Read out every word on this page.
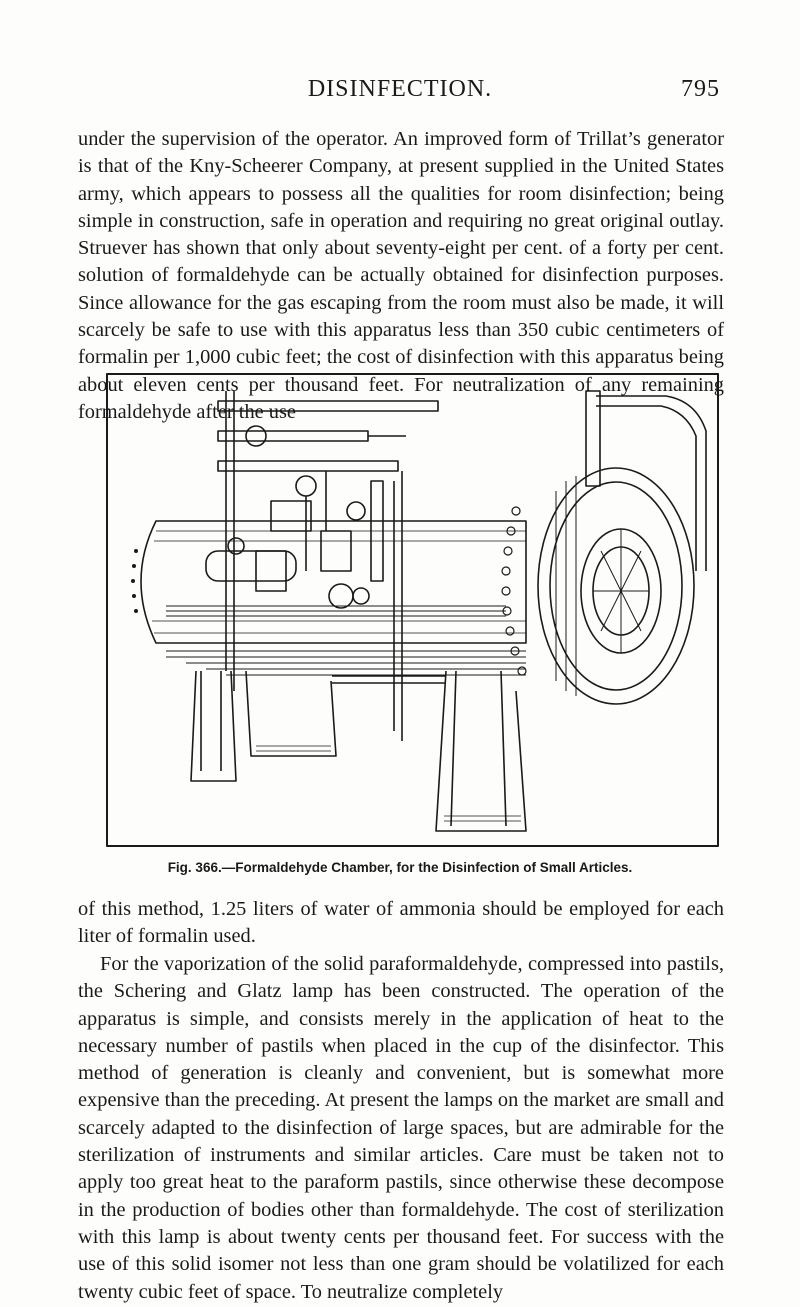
DISINFECTION.	795

under the supervision of the operator. An improved form of Trillat’s generator is that of the Kny-Scheerer Company, at present supplied in the United States army, which appears to possess all the qualities for room disinfection; being simple in construction, safe in operation and requiring no great original outlay. Struever has shown that only about seventy-eight per cent. of a forty per cent. solution of formaldehyde can be actually obtained for disinfection purposes. Since allowance for the gas escaping from the room must also be made, it will scarcely be safe to use with this apparatus less than 350 cubic centimeters of formalin per 1,000 cubic feet; the cost of disinfection with this apparatus being about eleven cents per thousand feet. For neutralization of any remaining formaldehyde after the use

Fig. 366.—Formaldehyde Chamber, for the Disinfection of Small Articles.

of this method, 1.25 liters of water of ammonia should be employed for each liter of formalin used.

For the vaporization of the solid paraformaldehyde, compressed into pastils, the Schering and Glatz lamp has been constructed. The operation of the apparatus is simple, and consists merely in the application of heat to the necessary number of pastils when placed in the cup of the disinfector. This method of generation is cleanly and convenient, but is somewhat more expensive than the preceding. At present the lamps on the market are small and scarcely adapted to the disinfection of large spaces, but are admirable for the sterilization of instruments and similar articles. Care must be taken not to apply too great heat to the paraform pastils, since otherwise these decompose in the production of bodies other than formaldehyde. The cost of sterilization with this lamp is about twenty cents per thousand feet. For success with the use of this solid isomer not less than one gram should be volatilized for each twenty cubic feet of space. To neutralize completely
